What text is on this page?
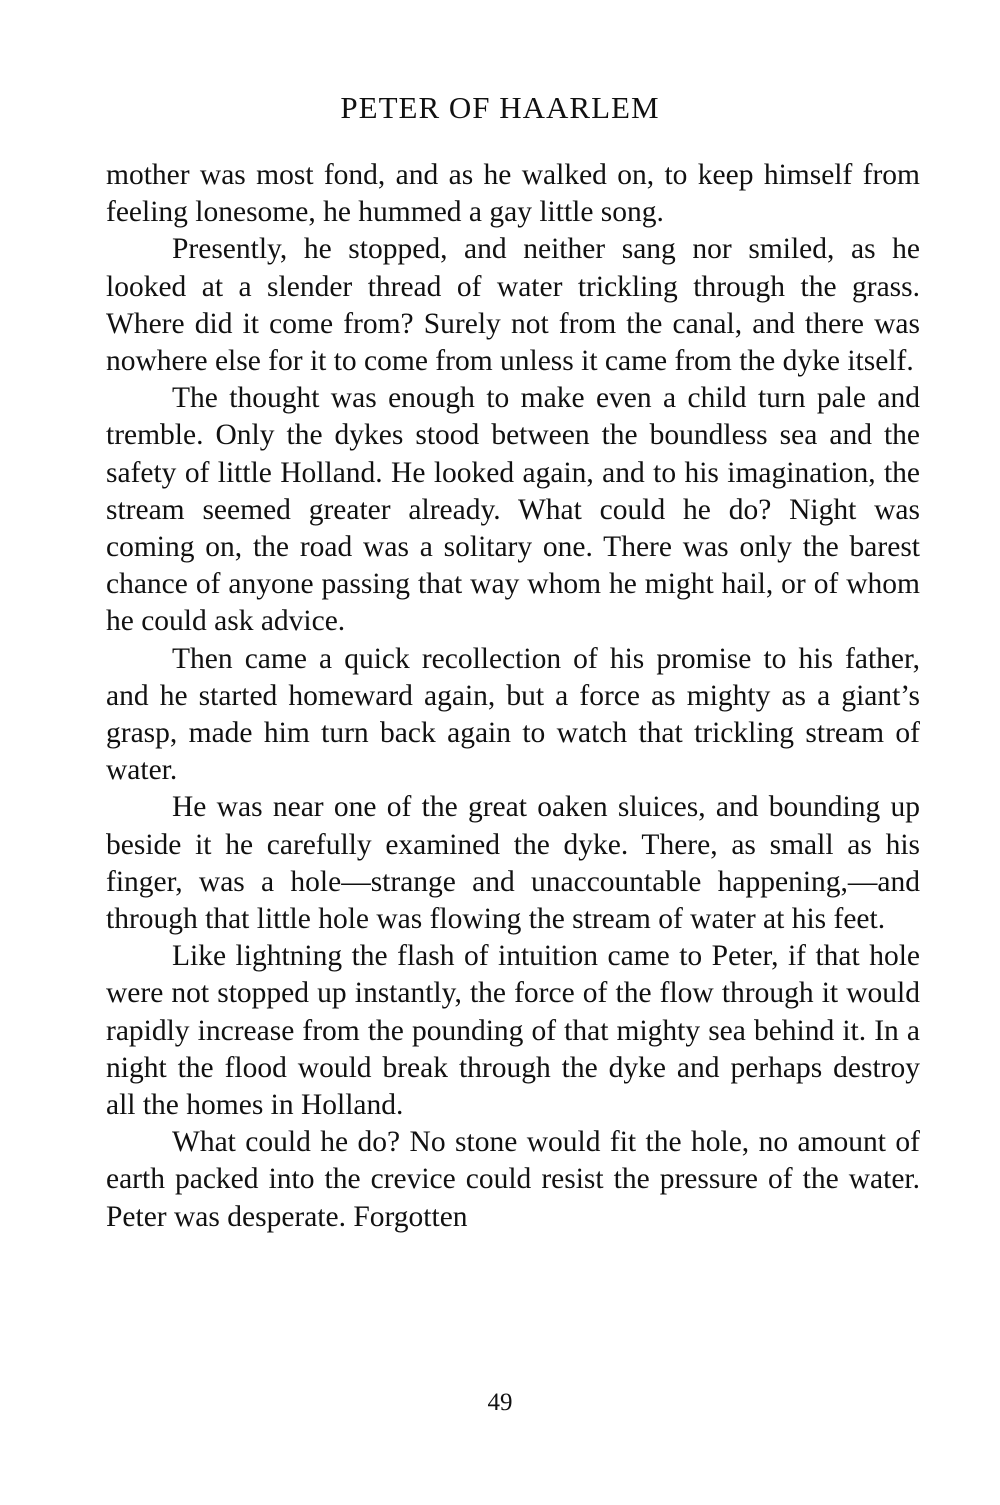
PETER OF HAARLEM

mother was most fond, and as he walked on, to keep himself from feeling lonesome, he hummed a gay little song.

Presently, he stopped, and neither sang nor smiled, as he looked at a slender thread of water trickling through the grass. Where did it come from? Surely not from the canal, and there was nowhere else for it to come from unless it came from the dyke itself.

The thought was enough to make even a child turn pale and tremble. Only the dykes stood between the boundless sea and the safety of little Holland. He looked again, and to his imagination, the stream seemed greater already. What could he do? Night was coming on, the road was a solitary one. There was only the barest chance of anyone passing that way whom he might hail, or of whom he could ask advice.

Then came a quick recollection of his promise to his father, and he started homeward again, but a force as mighty as a giant’s grasp, made him turn back again to watch that trickling stream of water.

He was near one of the great oaken sluices, and bounding up beside it he carefully examined the dyke. There, as small as his finger, was a hole—strange and unaccountable happening,—and through that little hole was flowing the stream of water at his feet.

Like lightning the flash of intuition came to Peter, if that hole were not stopped up instantly, the force of the flow through it would rapidly increase from the pounding of that mighty sea behind it. In a night the flood would break through the dyke and perhaps destroy all the homes in Holland.

What could he do? No stone would fit the hole, no amount of earth packed into the crevice could resist the pressure of the water. Peter was desperate. Forgotten

49
